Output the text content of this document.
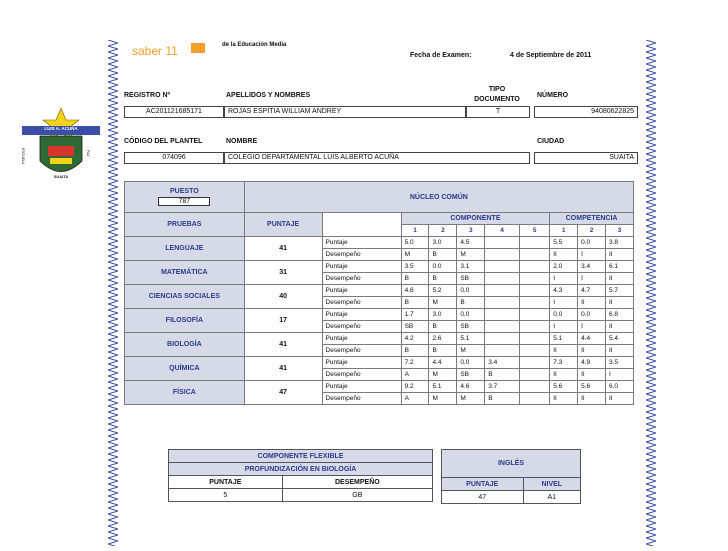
saber 11	de la Educación Media
Fecha de Examen:	4 de Septiembre de 2011
LUIS A. ACUÑA
ESCUELA	PAZ
SUAITA
REGISTRO Nº	APELLIDOS Y NOMBRES
TIPO
DOCUMENTO
NÚMERO
AC201121685171	ROJAS ESPITIA WILLIAM ANDREY	T	94080622825
CÓDIGO DEL PLANTEL	NOMBRE	CIUDAD
074096	COLEGIO DEPARTAMENTAL LUIS ALBERTO ACUÑA	SUAITA
PUESTO
787	NÚCLEO COMÚN									
PRUEBAS	PUNTAJE		COMPONENTE					COMPETENCIA		
			1	2	3	4	5	1	2	3
LENGUAJE	41	Puntaje	5.0	3.0	4.5			5.5	0.0	3.8
		Desempeño	M	B	M			II	I	II
MATEMÁTICA	31	Puntaje	3.5	0.0	3.1			2.0	3.4	6.1
		Desempeño	B	B	SB			I	I	II
CIENCIAS SOCIALES	40	Puntaje	4.6	5.2	0.0			4.3	4.7	5.7
		Desempeño	B	M	B			I	II	II
FILOSOFÍA	17	Puntaje	1.7	3.0	0.0			0.0	0.0	6.8
		Desempeño	SB	B	SB			I	I	II
BIOLOGÍA	41	Puntaje	4.2	2.6	5.1			5.1	4.4	5.4
		Desempeño	B	B	M			II	II	II
QUÍMICA	41	Puntaje	7.2	4.4	0.0	3.4		7.3	4.9	3.5
		Desempeño	A	M	SB	B		II	II	I
FÍSICA	47	Puntaje	9.2	5.1	4.6	3.7		5.6	5.6	6.0
		Desempeño	A	M	M	B		II	II	II
COMPONENTE FLEXIBLE	
PROFUNDIZACIÓN EN BIOLOGÍA	
PUNTAJE	DESEMPEÑO
5	GB
INGLÉS	
PUNTAJE	NIVEL
47	A1
